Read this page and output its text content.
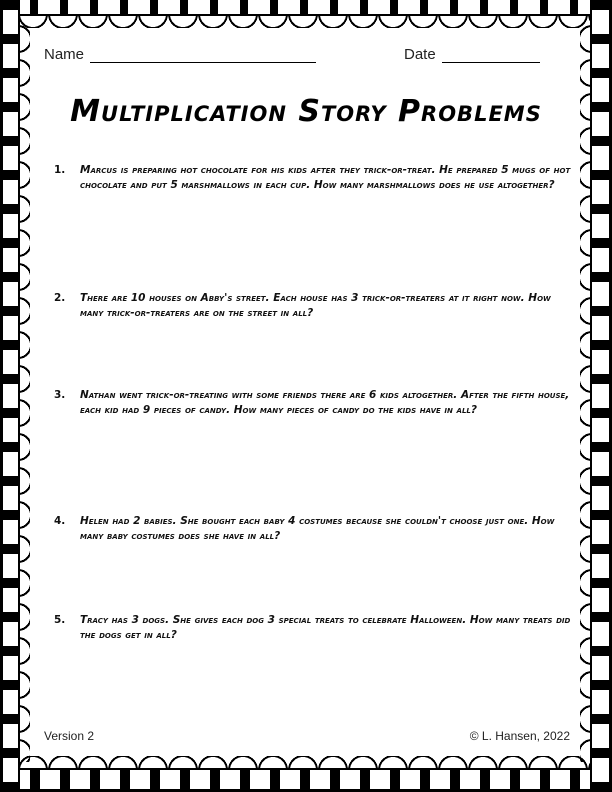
Name	Date
Multiplication Story Problems
1.	Marcus is preparing hot chocolate for his kids after they trick-or-treat. He prepared 5 mugs of hot chocolate and put 5 marshmallows in each cup. How many marshmallows does he use altogether?
2.	There are 10 houses on Abby's street. Each house has 3 trick-or-treaters at it right now. How many trick-or-treaters are on the street in all?
3.	Nathan went trick-or-treating with some friends there are 6 kids altogether. After the fifth house, each kid had 9 pieces of candy. How many pieces of candy do the kids have in all?
4.	Helen had 2 babies. She bought each baby 4 costumes because she couldn't choose just one. How many baby costumes does she have in all?
5.	Tracy has 3 dogs. She gives each dog 3 special treats to celebrate Halloween. How many treats did the dogs get in all?
Version 2	© L. Hansen, 2022
